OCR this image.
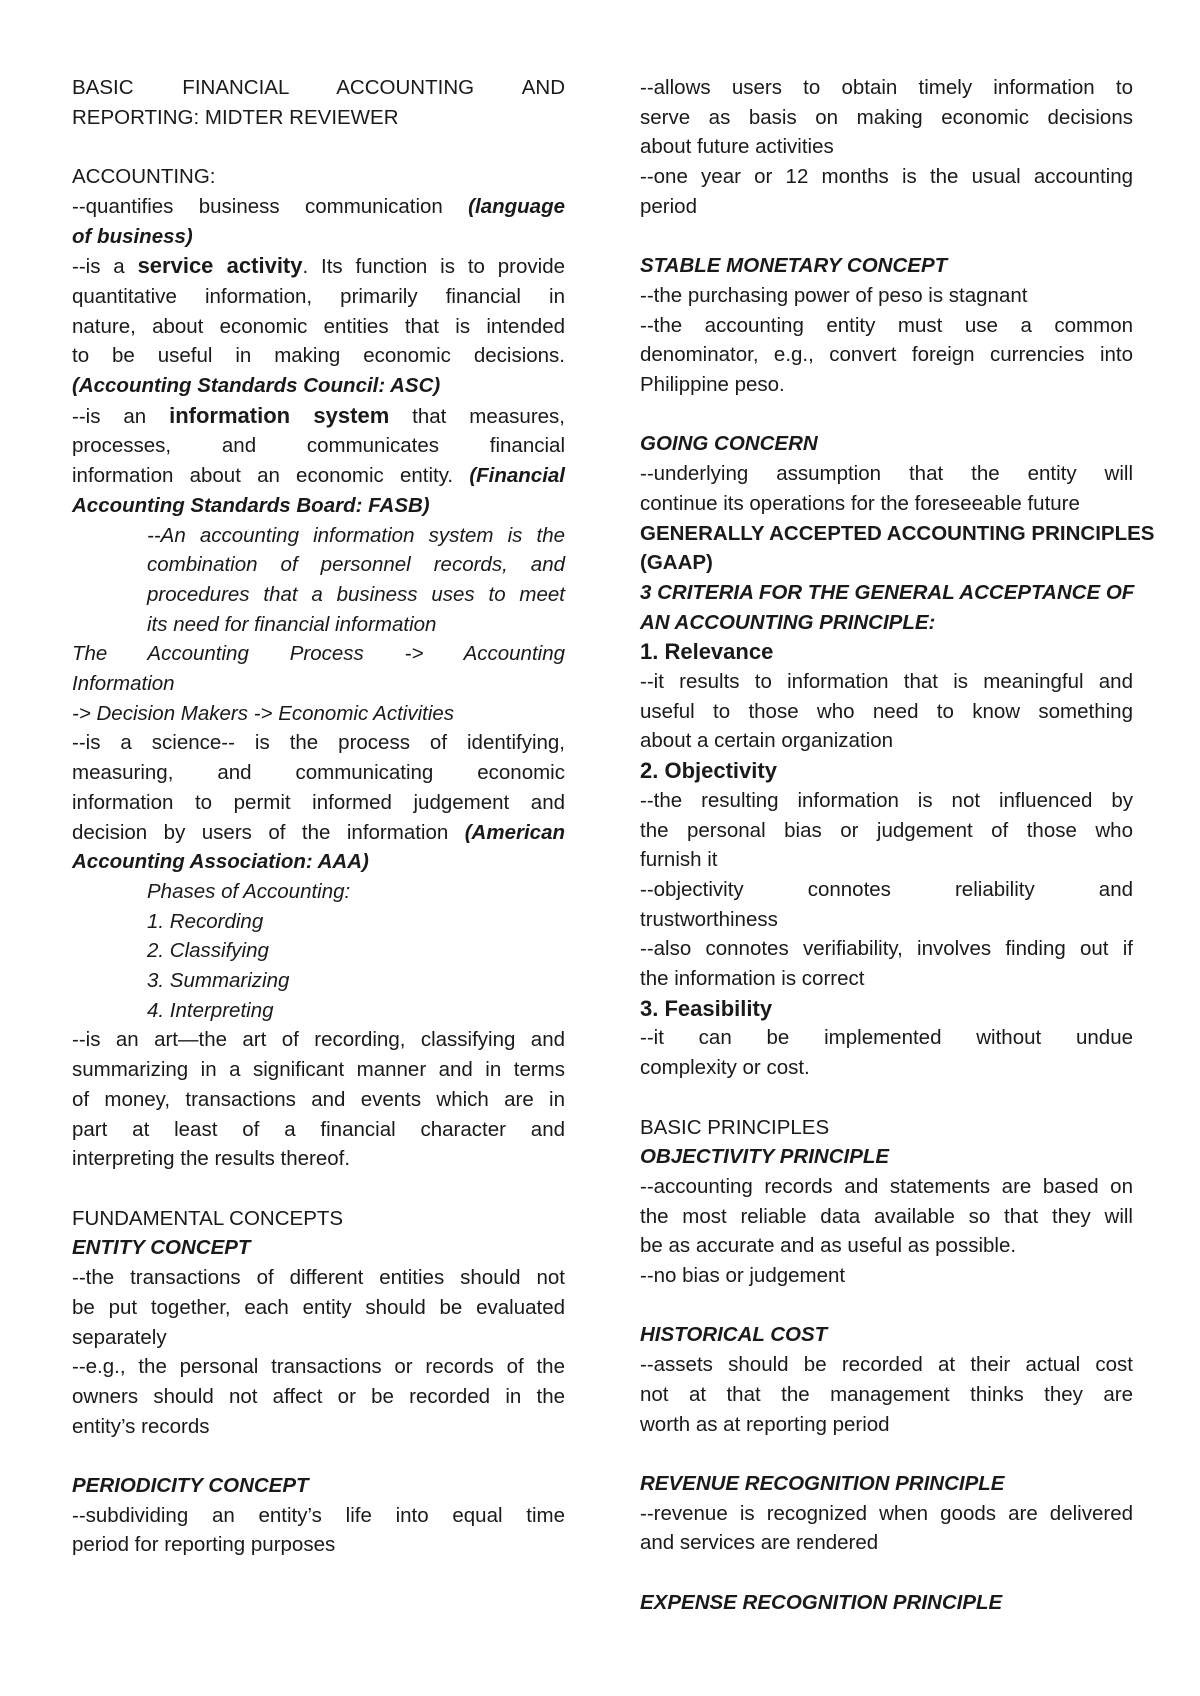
BASIC FINANCIAL ACCOUNTING AND
REPORTING: MIDTER REVIEWER
ACCOUNTING:
--quantifies business communication (language
of business)
--is a service activity. Its function is to provide
quantitative information, primarily financial in
nature, about economic entities that is intended
to be useful in making economic decisions.
(Accounting Standards Council: ASC)
--is an information system that measures,
processes, and communicates financial
information about an economic entity. (Financial
Accounting Standards Board: FASB)
--An accounting information system is the
combination of personnel records, and
procedures that a business uses to meet
its need for financial information
The Accounting Process -> Accounting
Information
-> Decision Makers -> Economic Activities
--is a science-- is the process of identifying,
measuring, and communicating economic
information to permit informed judgement and
decision by users of the information (American
Accounting Association: AAA)
Phases of Accounting:
1. Recording
2. Classifying
3. Summarizing
4. Interpreting
--is an art—the art of recording, classifying and
summarizing in a significant manner and in terms
of money, transactions and events which are in
part at least of a financial character and
interpreting the results thereof.
FUNDAMENTAL CONCEPTS
ENTITY CONCEPT
--the transactions of different entities should not
be put together, each entity should be evaluated
separately
--e.g., the personal transactions or records of the
owners should not affect or be recorded in the
entity’s records
PERIODICITY CONCEPT
--subdividing an entity’s life into equal time
period for reporting purposes
--allows users to obtain timely information to
serve as basis on making economic decisions
about future activities
--one year or 12 months is the usual accounting
period
STABLE MONETARY CONCEPT
--the purchasing power of peso is stagnant
--the accounting entity must use a common
denominator, e.g., convert foreign currencies into
Philippine peso.
GOING CONCERN
--underlying assumption that the entity will
continue its operations for the foreseeable future
GENERALLY ACCEPTED ACCOUNTING PRINCIPLES
(GAAP)
3 CRITERIA FOR THE GENERAL ACCEPTANCE OF
AN ACCOUNTING PRINCIPLE:
1. Relevance
--it results to information that is meaningful and
useful to those who need to know something
about a certain organization
2. Objectivity
--the resulting information is not influenced by
the personal bias or judgement of those who
furnish it
--objectivity connotes reliability and
trustworthiness
--also connotes verifiability, involves finding out if
the information is correct
3. Feasibility
--it can be implemented without undue
complexity or cost.
BASIC PRINCIPLES
OBJECTIVITY PRINCIPLE
--accounting records and statements are based on
the most reliable data available so that they will
be as accurate and as useful as possible.
--no bias or judgement
HISTORICAL COST
--assets should be recorded at their actual cost
not at that the management thinks they are
worth as at reporting period
REVENUE RECOGNITION PRINCIPLE
--revenue is recognized when goods are delivered
and services are rendered
EXPENSE RECOGNITION PRINCIPLE
